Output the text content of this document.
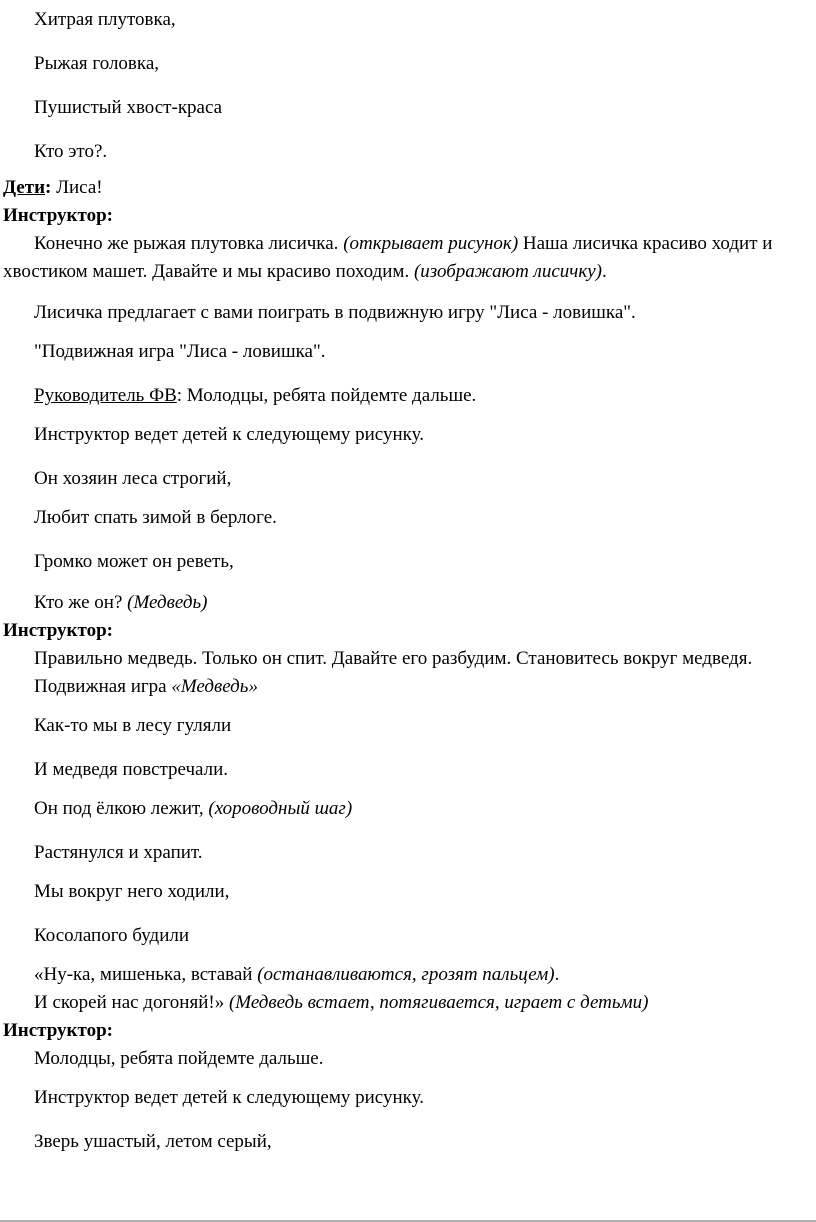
Хитрая плутовка,

Рыжая головка,

Пушистый хвост-краса

Кто это?.

Дети: Лиса!

Инструктор:

Конечно же рыжая плутовка лисичка. (открывает рисунок) Наша лисичка красиво ходит и хвостиком машет. Давайте и мы красиво походим. (изображают лисичку).

Лисичка предлагает с вами поиграть в подвижную игру "Лиса - ловишка".

"Подвижная игра "Лиса - ловишка".

Руководитель ФВ: Молодцы, ребята пойдемте дальше.

Инструктор ведет детей к следующему рисунку.

Он хозяин леса строгий,

Любит спать зимой в берлоге.

Громко может он реветь,

Кто же он? (Медведь)

Инструктор:

Правильно медведь. Только он спит. Давайте его разбудим. Становитесь вокруг медведя.

Подвижная игра «Медведь»

Как-то мы в лесу гуляли

И медведя повстречали.

Он под ёлкою лежит, (хороводный шаг)

Растянулся и храпит.

Мы вокруг него ходили,

Косолапого будили

«Ну-ка, мишенька, вставай (останавливаются, грозят пальцем).

И скорей нас догоняй!» (Медведь встает, потягивается, играет с детьми)

Инструктор:

Молодцы, ребята пойдемте дальше.

Инструктор ведет детей к следующему рисунку.

Зверь ушастый, летом серый,
